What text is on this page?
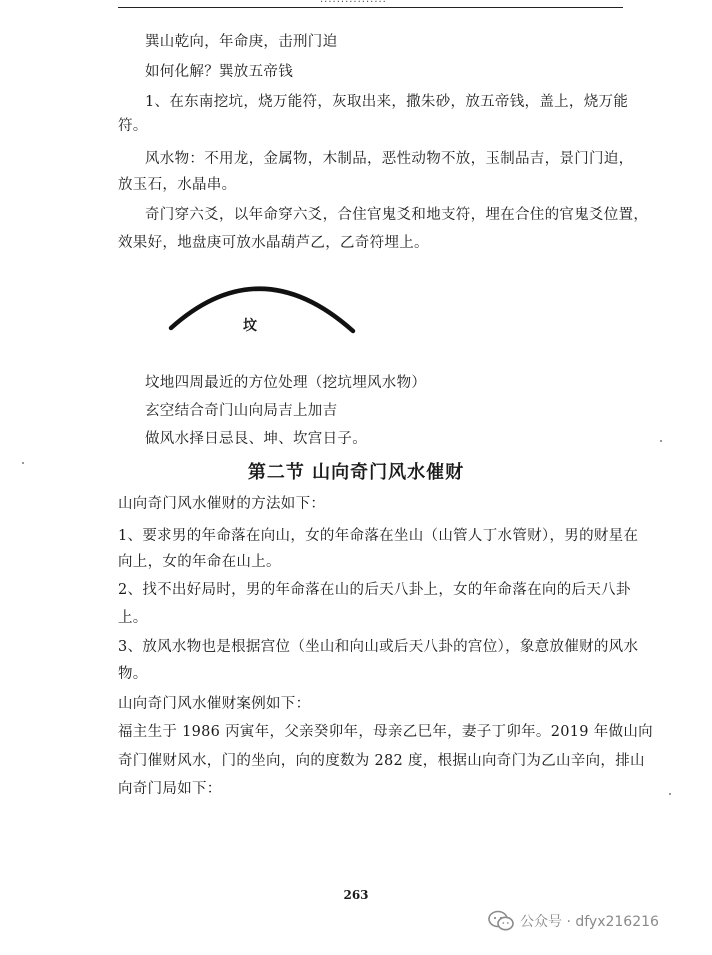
巽山乾向，年命庚，击刑门迫
如何化解？巽放五帝钱
1、在东南挖坑，烧万能符，灰取出来，撒朱砂，放五帝钱，盖上，烧万能
符。
风水物：不用龙，金属物，木制品，恶性动物不放，玉制品吉，景门门迫，
放玉石，水晶串。
奇门穿六爻，以年命穿六爻，合住官鬼爻和地支符，埋在合住的官鬼爻位置，
效果好，地盘庚可放水晶葫芦乙，乙奇符埋上。
坟
坟地四周最近的方位处理（挖坑埋风水物）
玄空结合奇门山向局吉上加吉
做风水择日忌艮、坤、坎宫日子。
第二节 山向奇门风水催财
山向奇门风水催财的方法如下：
1、要求男的年命落在向山，女的年命落在坐山（山管人丁水管财），男的财星在
向上，女的年命在山上。
2、找不出好局时，男的年命落在山的后天八卦上，女的年命落在向的后天八卦
上。
3、放风水物也是根据宫位（坐山和向山或后天八卦的宫位），象意放催财的风水
物。
山向奇门风水催财案例如下：
福主生于 1986 丙寅年，父亲癸卯年，母亲乙巳年，妻子丁卯年。2019 年做山向
奇门催财风水，门的坐向，向的度数为 282 度，根据山向奇门为乙山辛向，排山
向奇门局如下：
263
公众号 · dfyx216216
